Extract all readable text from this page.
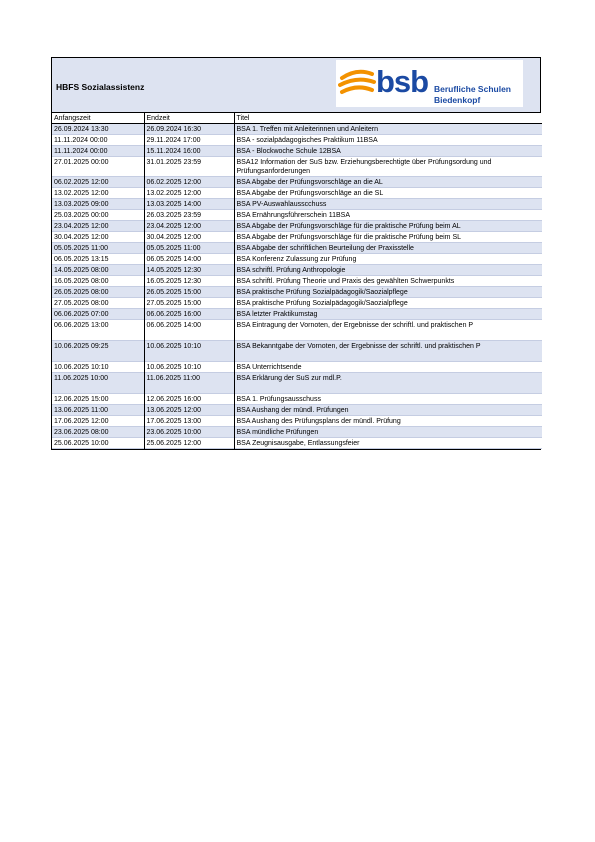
HBFS Sozialassistenz	bsb Berufliche Schulen
Biedenkopf
Anfangszeit	Endzeit	Titel
26.09.2024 13:30	26.09.2024 16:30	BSA 1. Treffen mit Anleiterinnen und Anleitern
11.11.2024 00:00	29.11.2024 17:00	BSA - sozialpädagogisches Praktikum 11BSA
11.11.2024 00:00	15.11.2024 16:00	BSA - Blockwoche Schule 12BSA
27.01.2025 00:00	31.01.2025 23:59	BSA12 Information der SuS bzw. Erziehungsberechtigte über Prüfungsordung und Prüfungsanforderungen
06.02.2025 12:00	06.02.2025 12:00	BSA Abgabe der Prüfungsvorschläge an die AL
13.02.2025 12:00	13.02.2025 12:00	BSA Abgabe der Prüfungsvorschläge an die SL
13.03.2025 09:00	13.03.2025 14:00	BSA PV-Auswahlausscchuss
25.03.2025 00:00	26.03.2025 23:59	BSA Ernährungsführerschein 11BSA
23.04.2025 12:00	23.04.2025 12:00	BSA Abgabe der Prüfungsvorschläge für die praktische Prüfung beim AL
30.04.2025 12:00	30.04.2025 12:00	BSA Abgabe der Prüfungsvorschläge für die praktische Prüfung beim SL
05.05.2025 11:00	05.05.2025 11:00	BSA Abgabe der schriftlichen Beurteilung der Praxisstelle
06.05.2025 13:15	06.05.2025 14:00	BSA Konferenz Zulassung zur Prüfung
14.05.2025 08:00	14.05.2025 12:30	BSA schriftl. Prüfung Anthropologie
16.05.2025 08:00	16.05.2025 12:30	BSA schriftl. Prüfung Theorie und Praxis des gewählten Schwerpunkts
26.05.2025 08:00	26.05.2025 15:00	BSA praktische Prüfung Sozialpädagogik/Saozialpflege
27.05.2025 08:00	27.05.2025 15:00	BSA praktische Prüfung Sozialpädagogik/Saozialpflege
06.06.2025 07:00	06.06.2025 16:00	BSA letzter Praktikumstag
06.06.2025 13:00	06.06.2025 14:00	BSA Eintragung der Vornoten, der Ergebnisse der schriftl. und praktischen P
10.06.2025 09:25	10.06.2025 10:10	BSA Bekanntgabe der Vornoten, der Ergebnisse der schriftl. und praktischen P
10.06.2025 10:10	10.06.2025 10:10	BSA Unterrichtsende
11.06.2025 10:00	11.06.2025 11:00	BSA Erklärung der SuS zur mdl.P.
12.06.2025 15:00	12.06.2025 16:00	BSA 1. Prüfungsausschuss
13.06.2025 11:00	13.06.2025 12:00	BSA Aushang der mündl. Prüfungen
17.06.2025 12:00	17.06.2025 13:00	BSA Aushang des Prüfungsplans der mündl. Prüfung
23.06.2025 08:00	23.06.2025 10:00	BSA mündliche Prüfungen
25.06.2025 10:00	25.06.2025 12:00	BSA Zeugnisausgabe, Entlassungsfeier
